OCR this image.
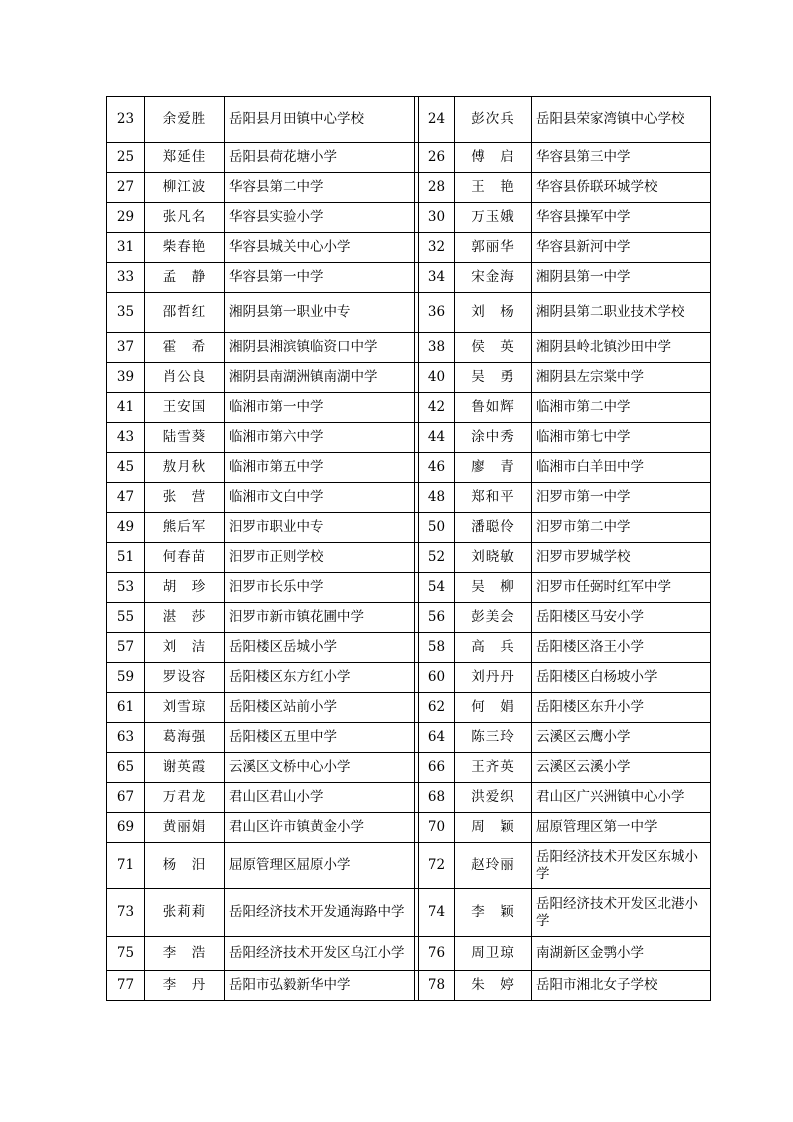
23	余爱胜	岳阳县月田镇中心学校		24	彭次兵	岳阳县荣家湾镇中心学校
25	郑延佳	岳阳县荷花塘小学		26	傅　启	华容县第三中学
27	柳江波	华容县第二中学		28	王　艳	华容县侨联环城学校
29	张凡名	华容县实验小学		30	万玉娥	华容县操军中学
31	柴春艳	华容县城关中心小学		32	郭丽华	华容县新河中学
33	孟　静	华容县第一中学		34	宋金海	湘阴县第一中学
35	邵哲红	湘阴县第一职业中专		36	刘　杨	湘阴县第二职业技术学校
37	霍　希	湘阴县湘滨镇临资口中学		38	侯　英	湘阴县岭北镇沙田中学
39	肖公良	湘阴县南湖洲镇南湖中学		40	吴　勇	湘阴县左宗棠中学
41	王安国	临湘市第一中学		42	鲁如辉	临湘市第二中学
43	陆雪葵	临湘市第六中学		44	涂中秀	临湘市第七中学
45	敖月秋	临湘市第五中学		46	廖　青	临湘市白羊田中学
47	张　营	临湘市文白中学		48	郑和平	汨罗市第一中学
49	熊后军	汨罗市职业中专		50	潘聪伶	汨罗市第二中学
51	何春苗	汨罗市正则学校		52	刘晓敏	汨罗市罗城学校
53	胡　珍	汨罗市长乐中学		54	吴　柳	汨罗市任弼时红军中学
55	湛　莎	汨罗市新市镇花圃中学		56	彭美会	岳阳楼区马安小学
57	刘　洁	岳阳楼区岳城小学		58	高　兵	岳阳楼区洛王小学
59	罗设容	岳阳楼区东方红小学		60	刘丹丹	岳阳楼区白杨坡小学
61	刘雪琼	岳阳楼区站前小学		62	何　娟	岳阳楼区东升小学
63	葛海强	岳阳楼区五里中学		64	陈三玲	云溪区云鹰小学
65	谢英霞	云溪区文桥中心小学		66	王齐英	云溪区云溪小学
67	万君龙	君山区君山小学		68	洪爱织	君山区广兴洲镇中心小学
69	黄丽娟	君山区许市镇黄金小学		70	周　颖	屈原管理区第一中学
71	杨　汨	屈原管理区屈原小学		72	赵玲丽	岳阳经济技术开发区东城小学
73	张莉莉	岳阳经济技术开发通海路中学		74	李　颖	岳阳经济技术开发区北港小学
75	李　浩	岳阳经济技术开发区乌江小学		76	周卫琼	南湖新区金鹗小学
77	李　丹	岳阳市弘毅新华中学		78	朱　婷	岳阳市湘北女子学校
